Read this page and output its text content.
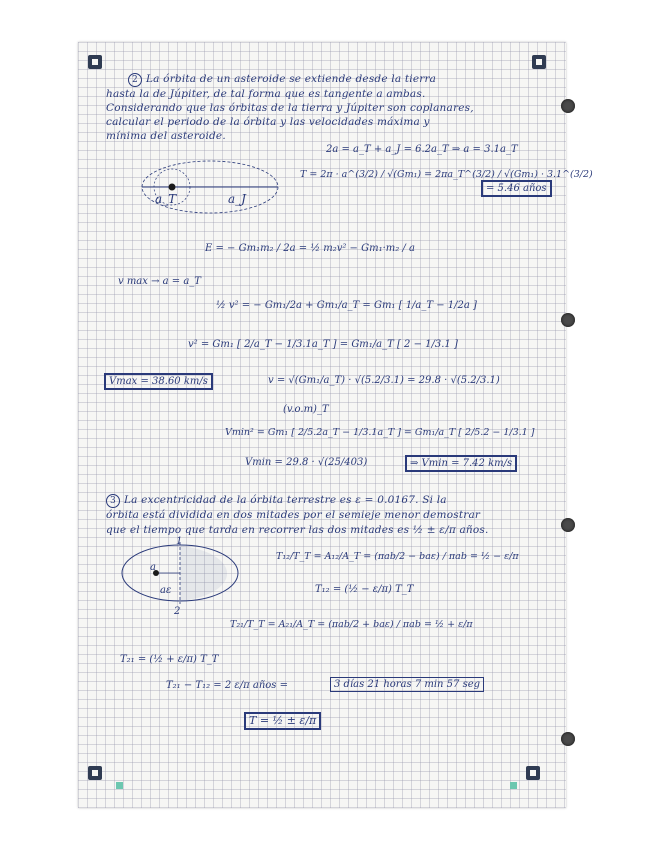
2 La órbita de un asteroide se extiende desde la tierra
hasta la de Júpiter, de tal forma que es tangente a ambas.
Considerando que las órbitas de la tierra y Júpiter son coplanares,
calcular el periodo de la órbita y las velocidades máxima y
mínima del asteroide.
a_T	a_J
2a = a_T + a_J = 6.2a_T ⇒ a = 3.1a_T
T = 2π · a^(3/2) / √(Gm₁) = 2πa_T^(3/2) / √(Gm₁) · 3.1^(3/2)
= 5.46 años
E = − Gm₁m₂ / 2a = ½ m₂v² − Gm₁·m₂ / a
v max → a = a_T
½ v² = − Gm₁/2a + Gm₁/a_T = Gm₁ [ 1/a_T − 1/2a ]
v² = Gm₁ [ 2/a_T − 1/3.1a_T ] = Gm₁/a_T [ 2 − 1/3.1 ]
Vmax = 38.60 km/s	v = √(Gm₁/a_T) · √(5.2/3.1) = 29.8 · √(5.2/3.1)
(v.o.m)_T
Vmin² = Gm₁ [ 2/5.2a_T − 1/3.1a_T ] = Gm₁/a_T [ 2/5.2 − 1/3.1 ]
Vmin = 29.8 · √(25/403)	⇒ Vmin = 7.42 km/s
3 La excentricidad de la órbita terrestre es ε = 0.0167. Si la
órbita está dividida en dos mitades por el semieje menor demostrar
que el tiempo que tarda en recorrer las dos mitades es ½ ± ε/π años.
1
2
a
aε
T₁₂/T_T = A₁₂/A_T = (πab/2 − baε) / πab = ½ − ε/π
T₁₂ = (½ − ε/π) T_T
T₂₁/T_T = A₂₁/A_T = (πab/2 + baε) / πab = ½ + ε/π
T₂₁ = (½ + ε/π) T_T
T₂₁ − T₁₂ = 2 ε/π años =	3 días 21 horas 7 min 57 seg
T = ½ ± ε/π
